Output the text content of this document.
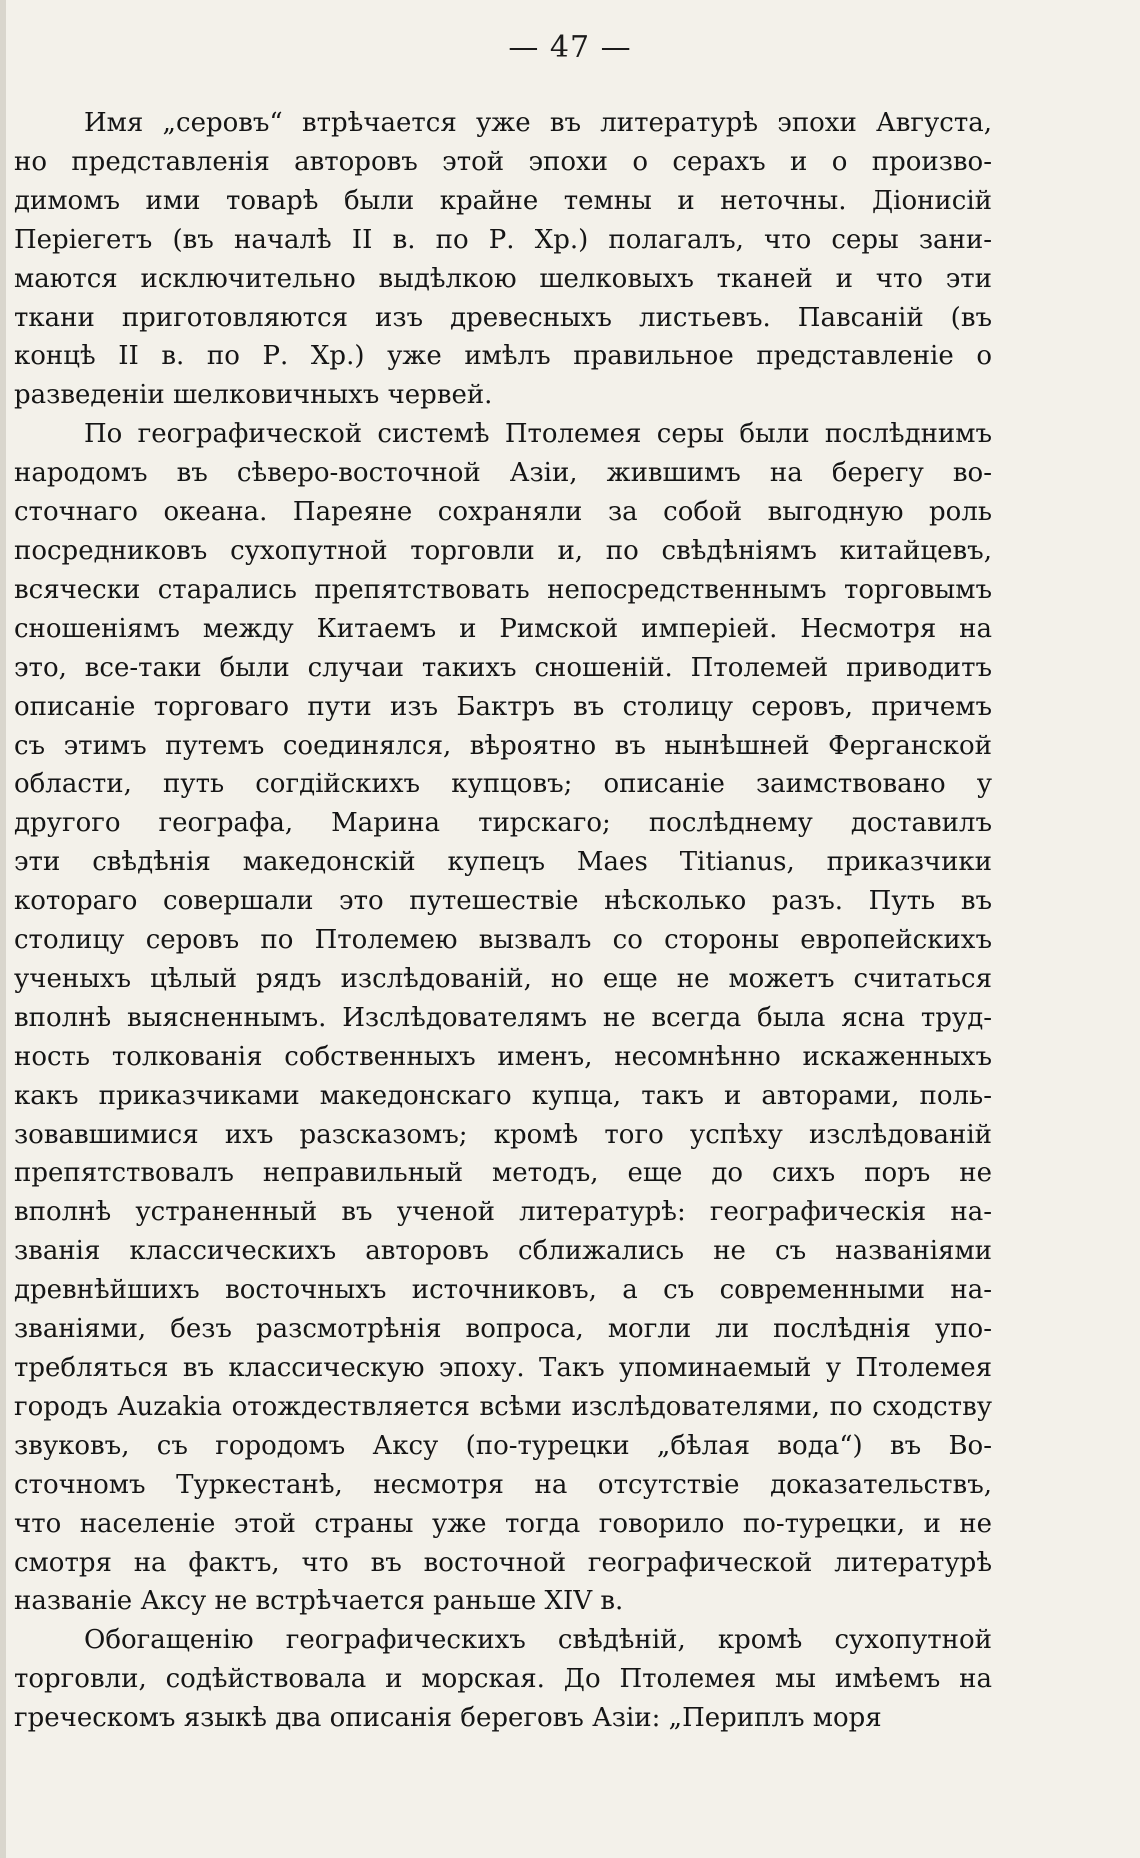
— 47 —
Имя „серовъ“ втрѣчается уже въ литературѣ эпохи Августа,
но представленія авторовъ этой эпохи о серахъ и о произво-
димомъ ими товарѣ были крайне темны и неточны. Діонисій
Періегетъ (въ началѣ II в. по Р. Хр.) полагалъ, что серы зани-
маются исключительно выдѣлкою шелковыхъ тканей и что эти
ткани приготовляются изъ древесныхъ листьевъ. Павсаній (въ
концѣ II в. по Р. Хр.) уже имѣлъ правильное представленіе о
разведеніи шелковичныхъ червей.
По географической системѣ Птолемея серы были послѣднимъ
народомъ въ сѣверо-восточной Азіи, жившимъ на берегу во-
сточнаго океана. Пареяне сохраняли за собой выгодную роль
посредниковъ сухопутной торговли и, по свѣдѣніямъ китайцевъ,
всячески старались препятствовать непосредственнымъ торговымъ
сношеніямъ между Китаемъ и Римской имперіей. Несмотря на
это, все-таки были случаи такихъ сношеній. Птолемей приводитъ
описаніе торговаго пути изъ Бактръ въ столицу серовъ, причемъ
съ этимъ путемъ соединялся, вѣроятно въ нынѣшней Ферганской
области, путь согдійскихъ купцовъ; описаніе заимствовано у
другого географа, Марина тирскаго; послѣднему доставилъ
эти свѣдѣнія македонскій купецъ Maes Titianus, приказчики
котораго совершали это путешествіе нѣсколько разъ. Путь въ
столицу серовъ по Птолемею вызвалъ со стороны европейскихъ
ученыхъ цѣлый рядъ изслѣдованій, но еще не можетъ считаться
вполнѣ выясненнымъ. Изслѣдователямъ не всегда была ясна труд-
ность толкованія собственныхъ именъ, несомнѣнно искаженныхъ
какъ приказчиками македонскаго купца, такъ и авторами, поль-
зовавшимися ихъ разсказомъ; кромѣ того успѣху изслѣдованій
препятствовалъ неправильный методъ, еще до сихъ поръ не
вполнѣ устраненный въ ученой литературѣ: географическія на-
званія классическихъ авторовъ сближались не съ названіями
древнѣйшихъ восточныхъ источниковъ, а съ современными на-
званіями, безъ разсмотрѣнія вопроса, могли ли послѣднія упо-
требляться въ классическую эпоху. Такъ упоминаемый у Птолемея
городъ Auzakia отождествляется всѣми изслѣдователями, по сходству
звуковъ, съ городомъ Аксу (по-турецки „бѣлая вода“) въ Во-
сточномъ Туркестанѣ, несмотря на отсутствіе доказательствъ,
что населеніе этой страны уже тогда говорило по-турецки, и не
смотря на фактъ, что въ восточной географической литературѣ
названіе Аксу не встрѣчается раньше XIV в.
Обогащенію географическихъ свѣдѣній, кромѣ сухопутной
торговли, содѣйствовала и морская. До Птолемея мы имѣемъ на
греческомъ языкѣ два описанія береговъ Азіи: „Периплъ моря
